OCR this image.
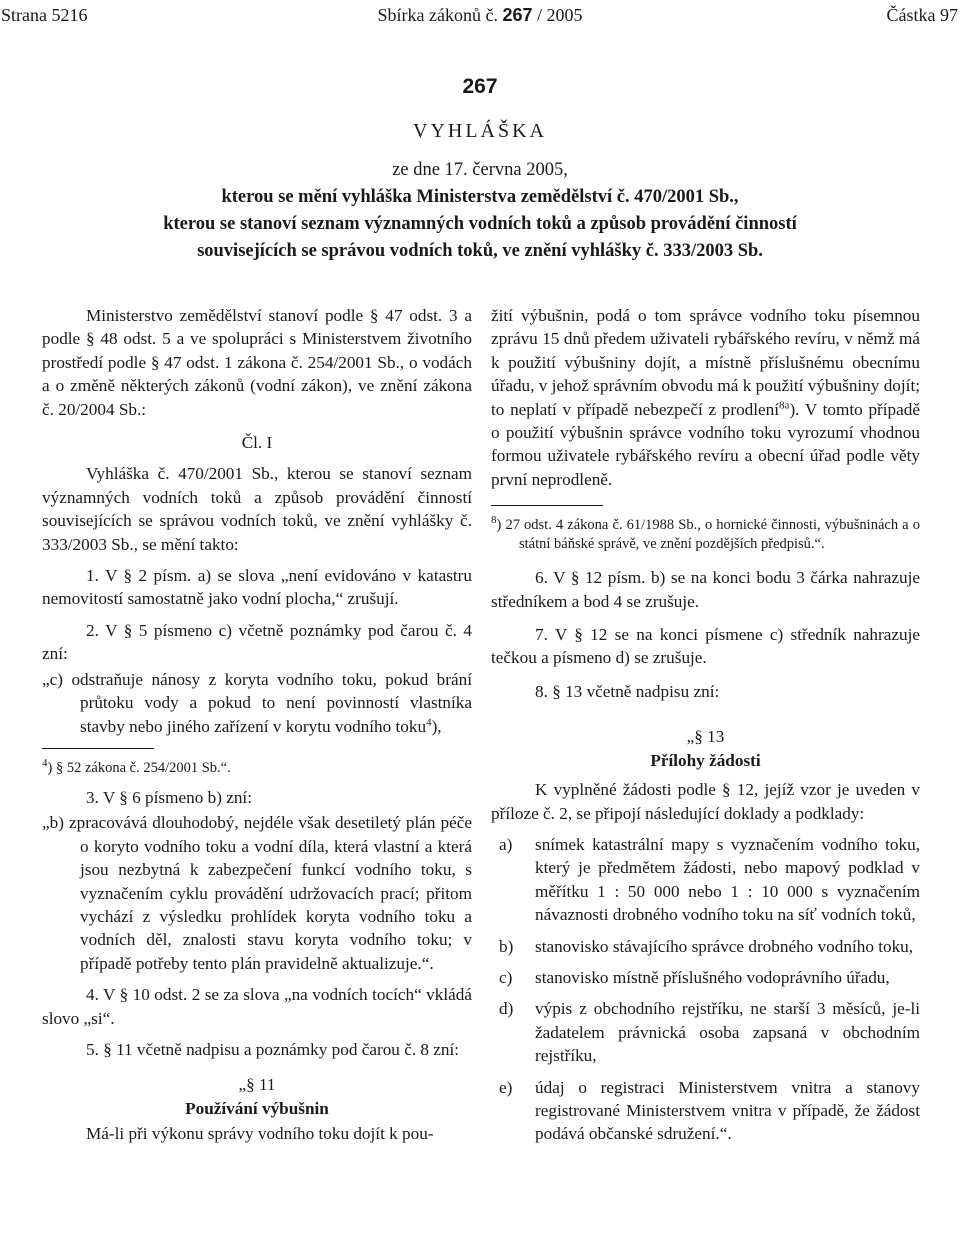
Strana 5216	Sbírka zákonů č. 267 / 2005	Částka 97
267
VYHLÁŠKA
ze dne 17. června 2005,
kterou se mění vyhláška Ministerstva zemědělství č. 470/2001 Sb.,
kterou se stanoví seznam významných vodních toků a způsob provádění činností
souvisejících se správou vodních toků, ve znění vyhlášky č. 333/2003 Sb.

Ministerstvo zemědělství stanoví podle § 47 odst. 3 a podle § 48 odst. 5 a ve spolupráci s Ministerstvem životního prostředí podle § 47 odst. 1 zákona č. 254/2001 Sb., o vodách a o změně některých zákonů (vodní zákon), ve znění zákona č. 20/2004 Sb.:

Čl. I

Vyhláška č. 470/2001 Sb., kterou se stanoví seznam významných vodních toků a způsob provádění činností souvisejících se správou vodních toků, ve znění vyhlášky č. 333/2003 Sb., se mění takto:

1. V § 2 písm. a) se slova „není evidováno v katastru nemovitostí samostatně jako vodní plocha,“ zrušují.

2. V § 5 písmeno c) včetně poznámky pod čarou č. 4 zní:

„c) odstraňuje nánosy z koryta vodního toku, pokud brání průtoku vody a pokud to není povinností vlastníka stavby nebo jiného zařízení v korytu vodního toku$^4$),

$^4$) § 52 zákona č. 254/2001 Sb.“.

3. V § 6 písmeno b) zní:

„b) zpracovává dlouhodobý, nejdéle však desetiletý plán péče o koryto vodního toku a vodní díla, která vlastní a která jsou nezbytná k zabezpečení funkcí vodního toku, s vyznačením cyklu provádění udržovacích prací; přitom vychází z výsledku prohlídek koryta vodního toku a vodních děl, znalosti stavu koryta vodního toku; v případě potřeby tento plán pravidelně aktualizuje.“.

4. V § 10 odst. 2 se za slova „na vodních tocích“ vkládá slovo „si“.

5. § 11 včetně nadpisu a poznámky pod čarou č. 8 zní:

„§ 11

Používání výbušnin

Má-li při výkonu správy vodního toku dojít k pou-

žití výbušnin, podá o tom správce vodního toku písemnou zprávu 15 dnů předem uživateli rybářského revíru, v němž má k použití výbušniny dojít, a místně příslušnému obecnímu úřadu, v jehož správním obvodu má k použití výbušniny dojít; to neplatí v případě nebezpečí z prodlení$^{8a}$). V tomto případě o použití výbušnin správce vodního toku vyrozumí vhodnou formou uživatele rybářského revíru a obecní úřad podle věty první neprodleně.

$^8$) 27 odst. 4 zákona č. 61/1988 Sb., o hornické činnosti, výbušninách a o státní báňské správě, ve znění pozdějších předpisů.“.

6. V § 12 písm. b) se na konci bodu 3 čárka nahrazuje středníkem a bod 4 se zrušuje.

7. V § 12 se na konci písmene c) středník nahrazuje tečkou a písmeno d) se zrušuje.

8. § 13 včetně nadpisu zní:

„§ 13

Přílohy žádosti

K vyplněné žádosti podle § 12, jejíž vzor je uveden v příloze č. 2, se připojí následující doklady a podklady:

a)	snímek katastrální mapy s vyznačením vodního toku, který je předmětem žádosti, nebo mapový podklad v měřítku 1 : 50 000 nebo 1 : 10 000 s vyznačením návaznosti drobného vodního toku na síť vodních toků,
b)	stanovisko stávajícího správce drobného vodního toku,
c)	stanovisko místně příslušného vodoprávního úřadu,
d)	výpis z obchodního rejstříku, ne starší 3 měsíců, je-li žadatelem právnická osoba zapsaná v obchodním rejstříku,
e)	údaj o registraci Ministerstvem vnitra a stanovy registrované Ministerstvem vnitra v případě, že žádost podává občanské sdružení.“.
